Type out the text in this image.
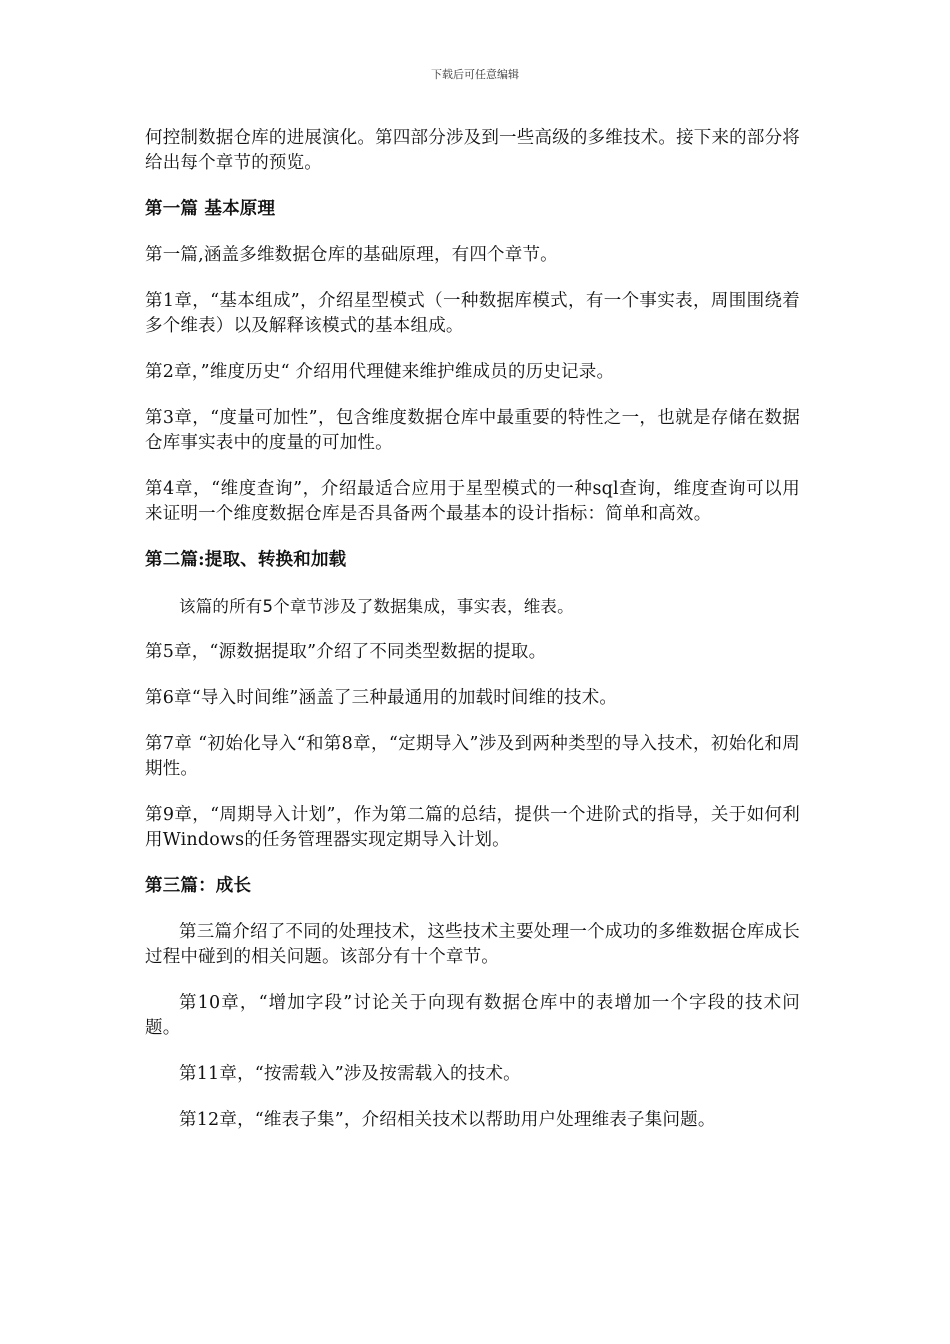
下载后可任意编辑

何控制数据仓库的进展演化。第四部分涉及到一些高级的多维技术。接下来的部分将给出每个章节的预览。

第一篇 基本原理

第一篇,涵盖多维数据仓库的基础原理，有四个章节。

第1章，“基本组成”，介绍星型模式（一种数据库模式，有一个事实表，周围围绕着多个维表）以及解释该模式的基本组成。

第2章，”维度历史“ 介绍用代理健来维护维成员的历史记录。

第3章，“度量可加性”，包含维度数据仓库中最重要的特性之一，也就是存储在数据仓库事实表中的度量的可加性。

第4章，“维度查询”，介绍最适合应用于星型模式的一种sql查询，维度查询可以用来证明一个维度数据仓库是否具备两个最基本的设计指标：简单和高效。

第二篇:提取、转换和加载

该篇的所有5个章节涉及了数据集成，事实表，维表。

第5章，“源数据提取”介绍了不同类型数据的提取。

第6章“导入时间维”涵盖了三种最通用的加载时间维的技术。

第7章 “初始化导入“和第8章，“定期导入”涉及到两种类型的导入技术，初始化和周期性。

第9章，“周期导入计划”，作为第二篇的总结，提供一个进阶式的指导，关于如何利用Windows的任务管理器实现定期导入计划。

第三篇：成长

第三篇介绍了不同的处理技术，这些技术主要处理一个成功的多维数据仓库成长过程中碰到的相关问题。该部分有十个章节。

第10章，“增加字段”讨论关于向现有数据仓库中的表增加一个字段的技术问题。

第11章，“按需载入”涉及按需载入的技术。

第12章，“维表子集”，介绍相关技术以帮助用户处理维表子集问题。
